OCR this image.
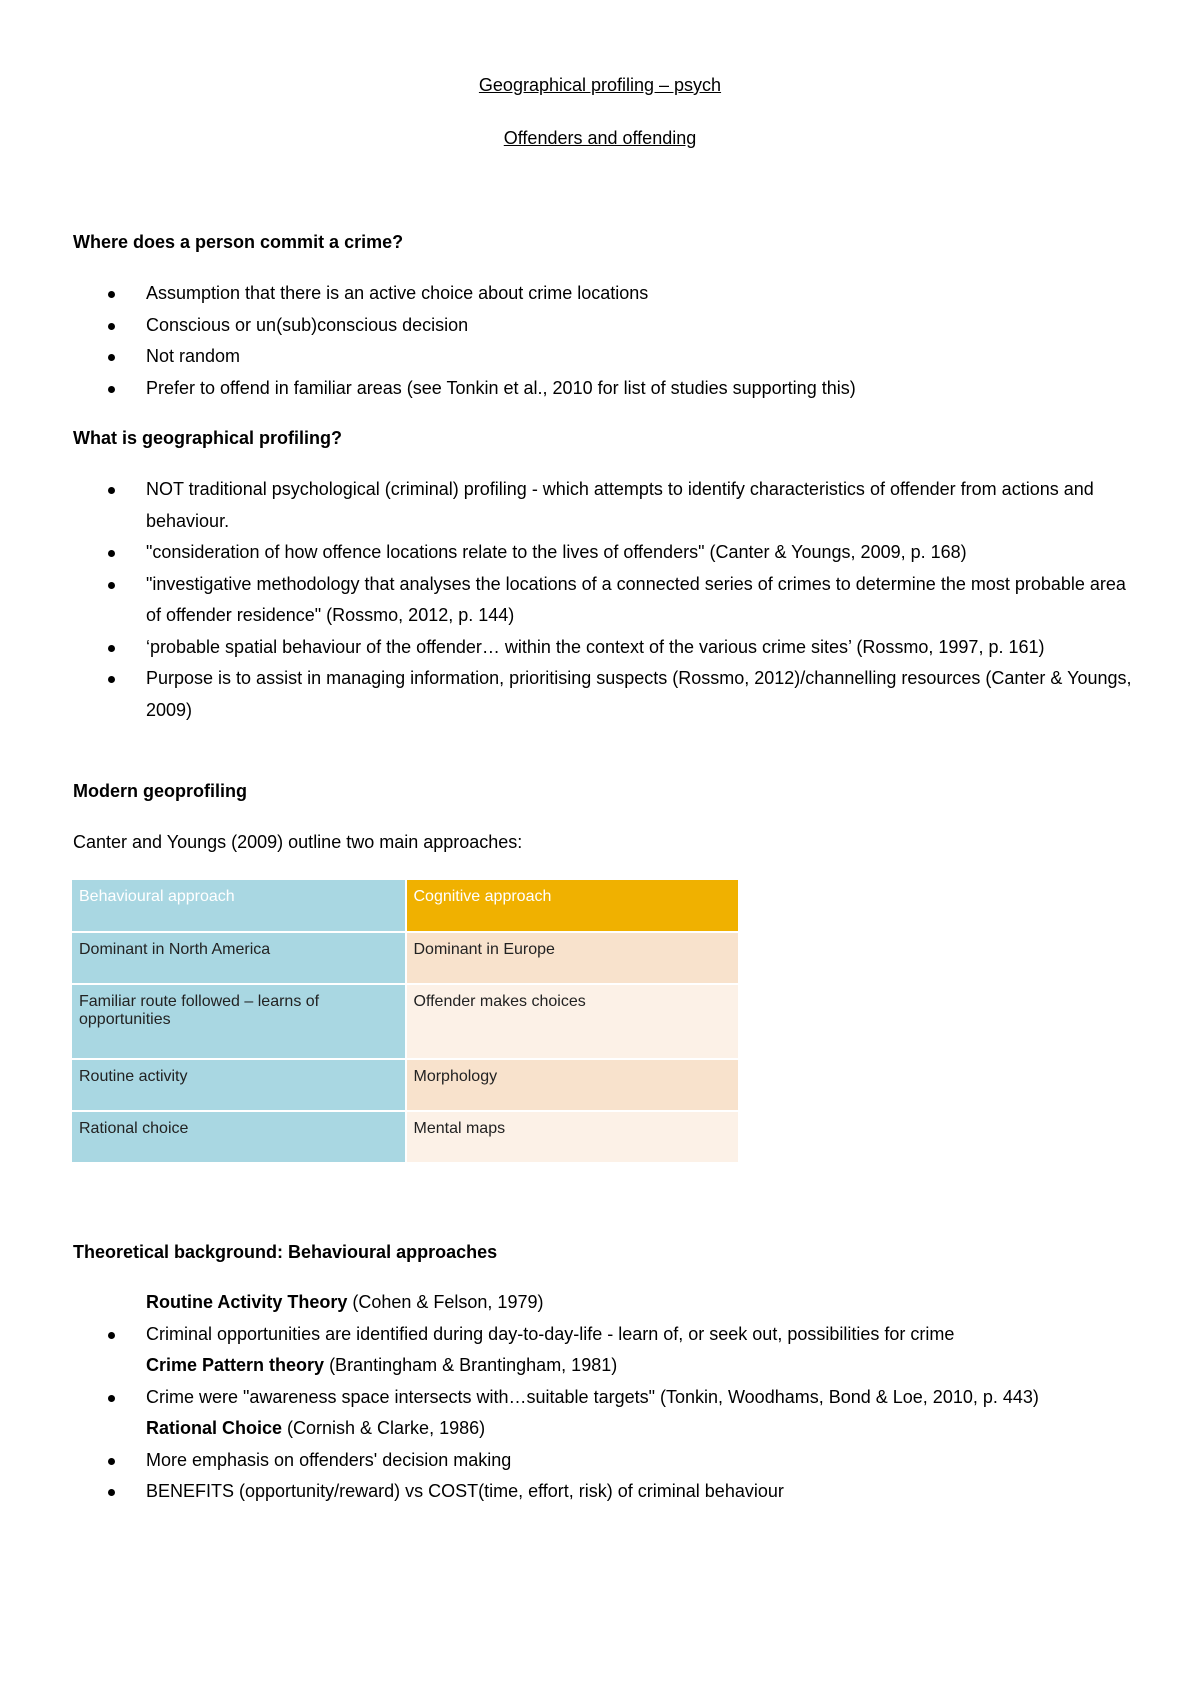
Geographical profiling – psych
Offenders and offending
Where does a person commit a crime?
Assumption that there is an active choice about crime locations
Conscious or un(sub)conscious decision
Not random
Prefer to offend in familiar areas (see Tonkin et al., 2010 for list of studies supporting this)
What is geographical profiling?
NOT traditional psychological (criminal) profiling - which attempts to identify characteristics of offender from actions and behaviour.
"consideration of how offence locations relate to the lives of offenders" (Canter & Youngs, 2009, p. 168)
"investigative methodology that analyses the locations of a connected series of crimes to determine the most probable area of offender residence" (Rossmo, 2012, p. 144)
‘probable spatial behaviour of the offender… within the context of the various crime sites’ (Rossmo, 1997, p. 161)
Purpose is to assist in managing information, prioritising suspects (Rossmo, 2012)/channelling resources (Canter & Youngs, 2009)
Modern geoprofiling
Canter and Youngs (2009) outline two main approaches:
Behavioural approach	Cognitive approach
Dominant in North America	Dominant in Europe
Familiar route followed – learns of opportunities	Offender makes choices
Routine activity	Morphology
Rational choice	Mental maps
Theoretical background: Behavioural approaches
Routine Activity Theory (Cohen & Felson, 1979)
Criminal opportunities are identified during day-to-day-life - learn of, or seek out, possibilities for crime
Crime Pattern theory (Brantingham & Brantingham, 1981)
Crime were "awareness space intersects with…suitable targets" (Tonkin, Woodhams, Bond & Loe, 2010, p. 443)
Rational Choice (Cornish & Clarke, 1986)
More emphasis on offenders' decision making
BENEFITS (opportunity/reward) vs COST(time, effort, risk) of criminal behaviour
